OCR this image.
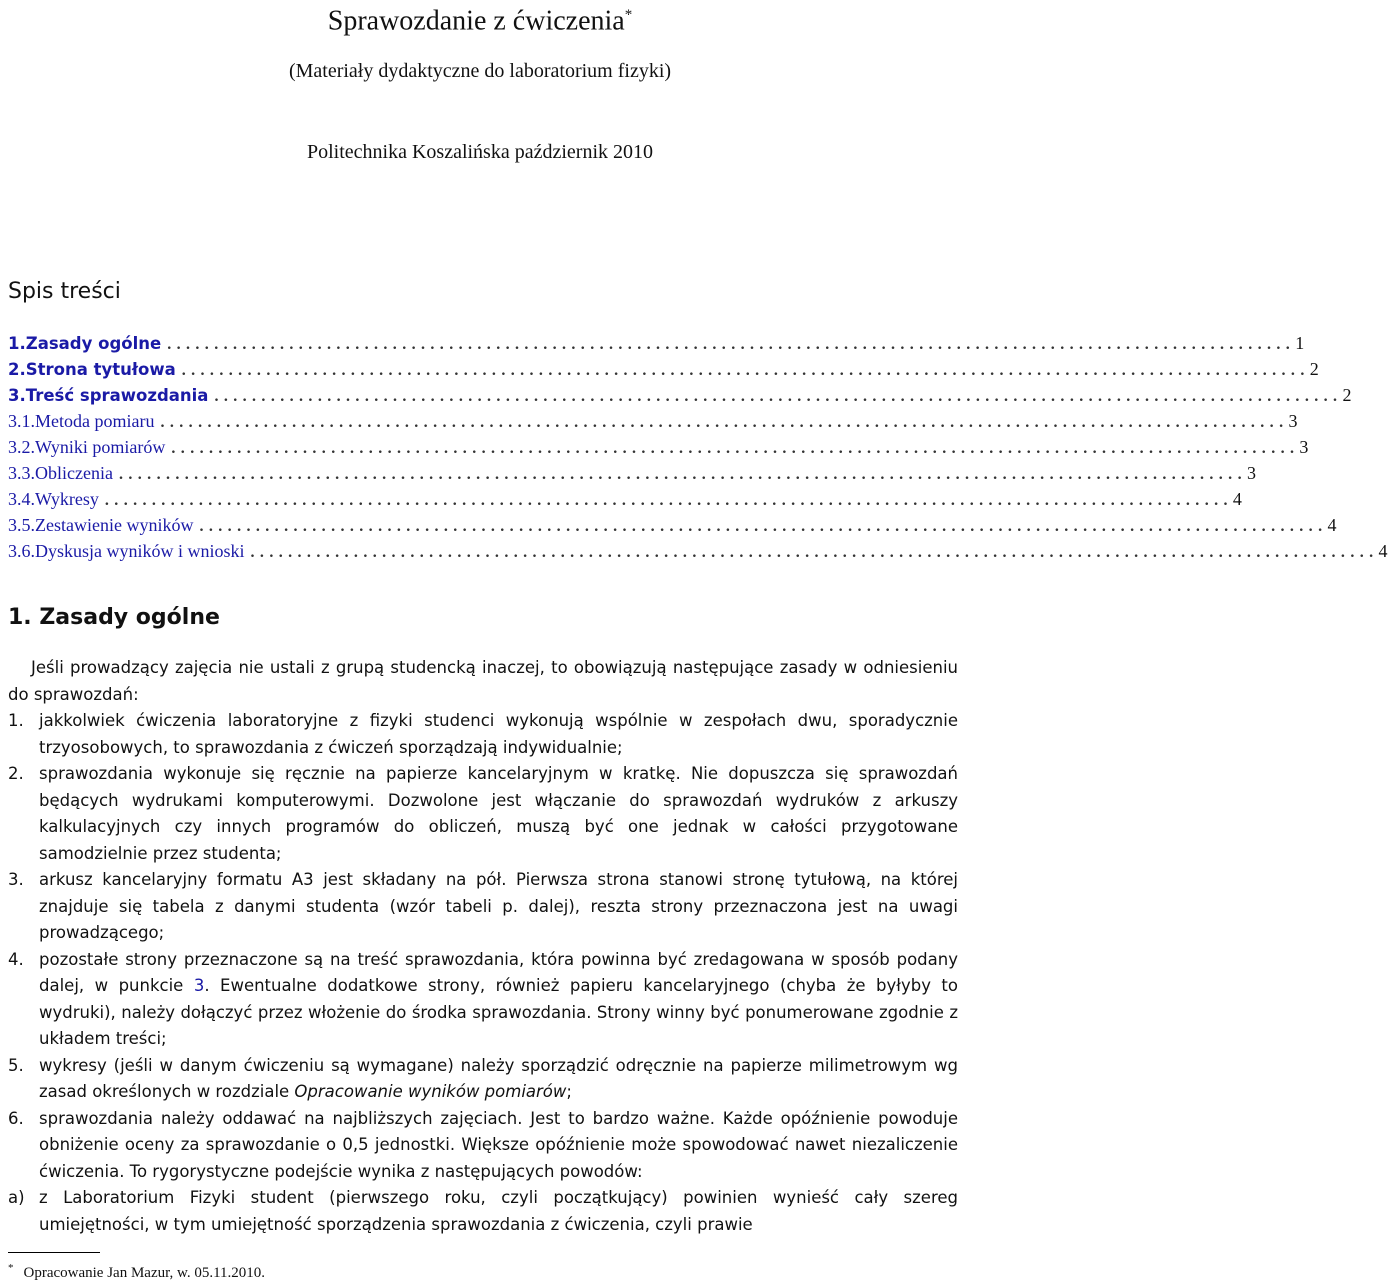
Sprawozdanie z ćwiczenia*
(Materiały dydaktyczne do laboratorium fizyki)
Politechnika Koszalińska październik 2010
Spis treści
1. Zasady ogólne ........................................................................................................................ 1
2. Strona tytułowa ........................................................................................................................ 2
3. Treść sprawozdania ........................................................................................................................ 2
3.1. Metoda pomiaru ........................................................................................................................ 3
3.2. Wyniki pomiarów ........................................................................................................................ 3
3.3. Obliczenia ........................................................................................................................ 3
3.4. Wykresy ........................................................................................................................ 4
3.5. Zestawienie wyników ........................................................................................................................ 4
3.6. Dyskusja wyników i wnioski ........................................................................................................................ 4
1. Zasady ogólne
Jeśli prowadzący zajęcia nie ustali z grupą studencką inaczej, to obowiązują następujące zasady w odniesieniu do sprawozdań:
1. jakkolwiek ćwiczenia laboratoryjne z fizyki studenci wykonują wspólnie w zespołach dwu, sporadycznie trzyosobowych, to sprawozdania z ćwiczeń sporządzają indywidualnie;
2. sprawozdania wykonuje się ręcznie na papierze kancelaryjnym w kratkę. Nie dopuszcza się sprawozdań będących wydrukami komputerowymi. Dozwolone jest włączanie do sprawozdań wydruków z arkuszy kalkulacyjnych czy innych programów do obliczeń, muszą być one jednak w całości przygotowane samodzielnie przez studenta;
3. arkusz kancelaryjny formatu A3 jest składany na pół. Pierwsza strona stanowi stronę tytułową, na której znajduje się tabela z danymi studenta (wzór tabeli p. dalej), reszta strony przeznaczona jest na uwagi prowadzącego;
4. pozostałe strony przeznaczone są na treść sprawozdania, która powinna być zredagowana w sposób podany dalej, w punkcie 3. Ewentualne dodatkowe strony, również papieru kancelaryjnego (chyba że byłyby to wydruki), należy dołączyć przez włożenie do środka sprawozdania. Strony winny być ponumerowane zgodnie z układem treści;
5. wykresy (jeśli w danym ćwiczeniu są wymagane) należy sporządzić odręcznie na papierze milimetrowym wg zasad określonych w rozdziale Opracowanie wyników pomiarów;
6. sprawozdania należy oddawać na najbliższych zajęciach. Jest to bardzo ważne. Każde opóźnienie powoduje obniżenie oceny za sprawozdanie o 0,5 jednostki. Większe opóźnienie może spowodować nawet niezaliczenie ćwiczenia. To rygorystyczne podejście wynika z następujących powodów:
a) z Laboratorium Fizyki student (pierwszego roku, czyli początkujący) powinien wynieść cały szereg umiejętności, w tym umiejętność sporządzenia sprawozdania z ćwiczenia, czyli prawie
* Opracowanie Jan Mazur, w. 05.11.2010.
